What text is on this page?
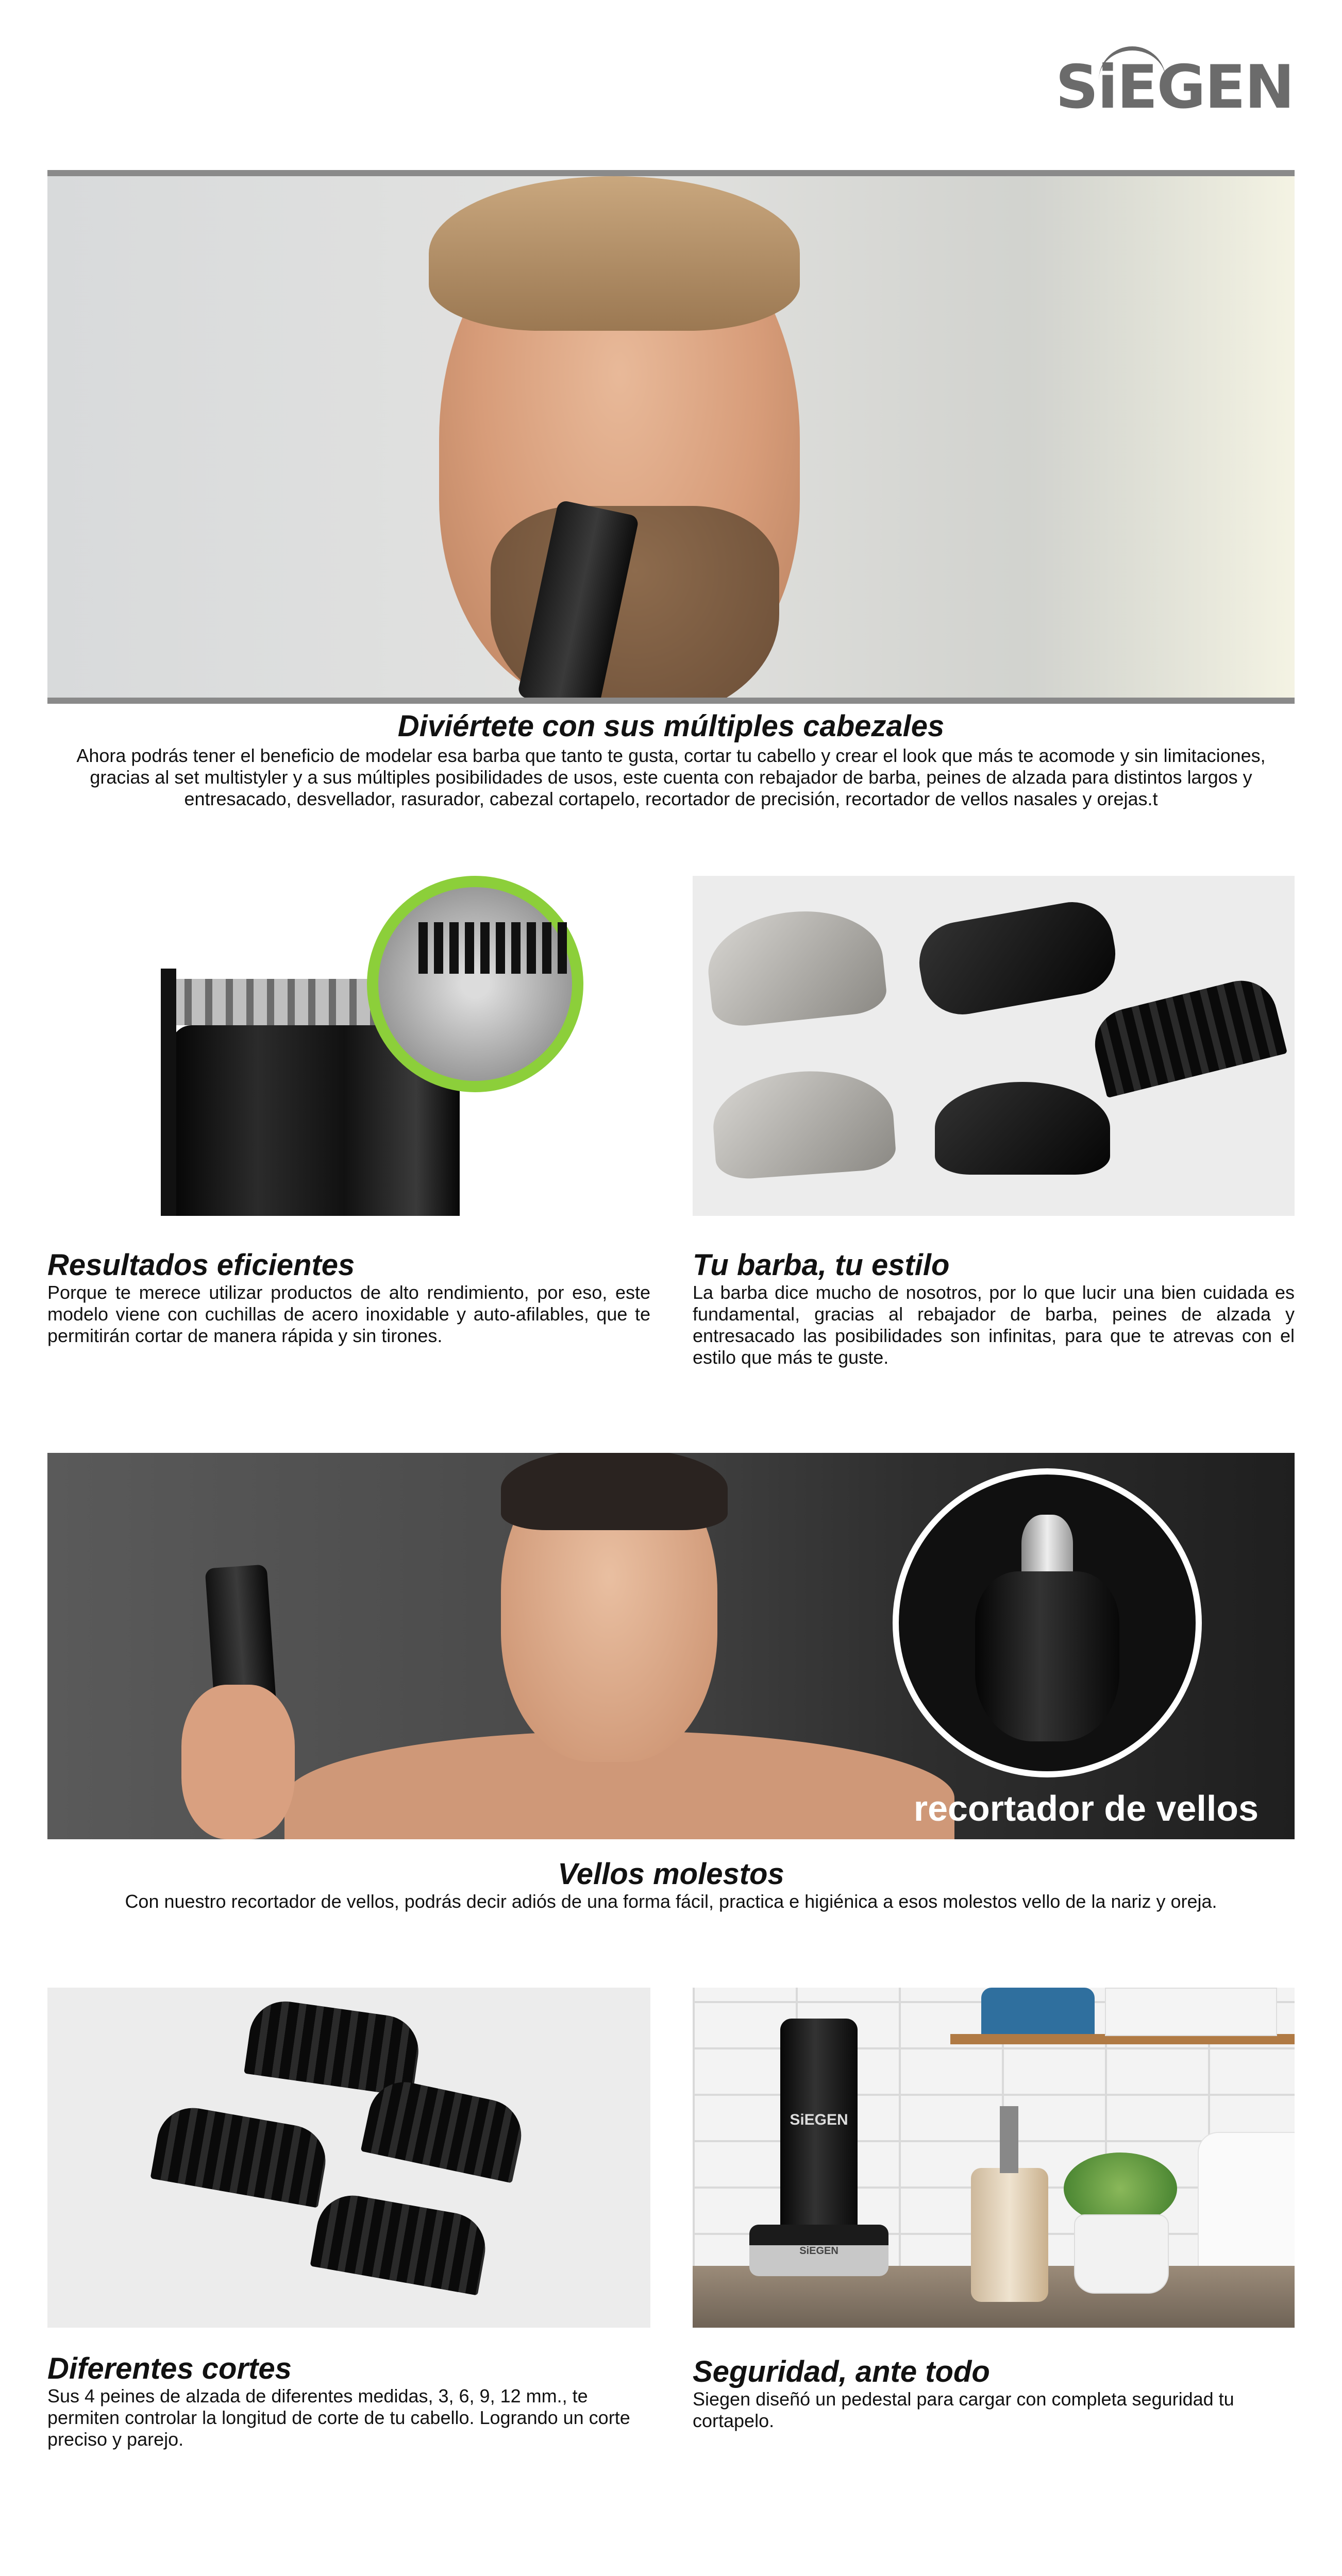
SiEGEN
Diviértete con sus múltiples cabezales
Ahora podrás tener el beneficio de modelar esa barba que tanto te gusta, cortar tu cabello y crear el look que más te acomode y sin limitaciones, gracias al set multistyler y a sus múltiples posibilidades de usos, este cuenta con rebajador de barba, peines de alzada para distintos largos y entresacado, desvellador, rasurador, cabezal cortapelo, recortador de precisión, recortador de vellos nasales y orejas.t
Resultados eficientes
Porque te merece utilizar productos de alto rendimiento, por eso, este modelo viene con cuchillas de acero inoxidable y auto-afilables, que te permitirán cortar de manera rápida y sin tirones.
Tu barba, tu estilo
La barba dice mucho de nosotros, por lo que lucir una bien cuidada es fundamental, gracias al rebajador de barba, peines de alzada y entresacado las posibilidades son infinitas, para que te atrevas con el estilo que más te guste.
recortador de vellos
Vellos molestos
Con nuestro recortador de vellos, podrás decir adiós de una forma fácil, practica e higiénica a esos molestos vello de la nariz y oreja.
SiEGEN
SiEGEN
Diferentes cortes
Sus 4 peines de alzada de diferentes medidas, 3, 6, 9, 12 mm., te permiten controlar la longitud de corte de tu cabello. Logrando un corte preciso y parejo.
Seguridad, ante todo
Siegen diseñó un pedestal para cargar con completa seguridad tu cortapelo.
